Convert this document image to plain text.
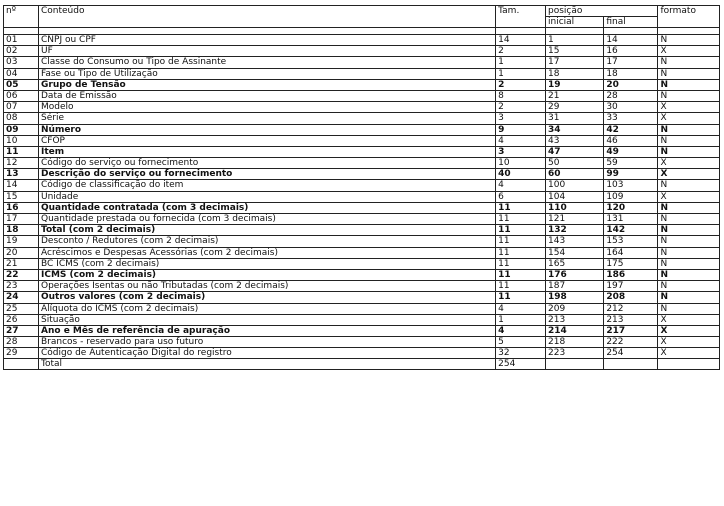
nº	Conteúdo	Tam.	posição		formato
			inicial	final	

01	CNPJ ou CPF	14	1	14	N
02	UF	2	15	16	X
03	Classe do Consumo ou Tipo de Assinante	1	17	17	N
04	Fase ou Tipo de Utilização	1	18	18	N
05	Grupo de Tensão	2	19	20	N
06	Data de Emissão	8	21	28	N
07	Modelo	2	29	30	X
08	Série	3	31	33	X
09	Número	9	34	42	N
10	CFOP	4	43	46	N
11	Item	3	47	49	N
12	Código do serviço ou fornecimento	10	50	59	X
13	Descrição do serviço ou fornecimento	40	60	99	X
14	Código de classificação do item	4	100	103	N
15	Unidade	6	104	109	X
16	Quantidade contratada (com 3 decimais)	11	110	120	N
17	Quantidade prestada ou fornecida (com 3 decimais)	11	121	131	N
18	Total (com 2 decimais)	11	132	142	N
19	Desconto / Redutores (com 2 decimais)	11	143	153	N
20	Acréscimos e Despesas Acessórias (com 2 decimais)	11	154	164	N
21	BC ICMS (com 2 decimais)	11	165	175	N
22	ICMS (com 2 decimais)	11	176	186	N
23	Operações Isentas ou não Tributadas (com 2 decimais)	11	187	197	N
24	Outros valores (com 2 decimais)	11	198	208	N
25	Alíquota do ICMS (com 2 decimais)	4	209	212	N
26	Situação	1	213	213	X
27	Ano e Mês de referência de apuração	4	214	217	X
28	Brancos - reservado para uso futuro	5	218	222	X
29	Código de Autenticação Digital do registro	32	223	254	X
	Total	254			
